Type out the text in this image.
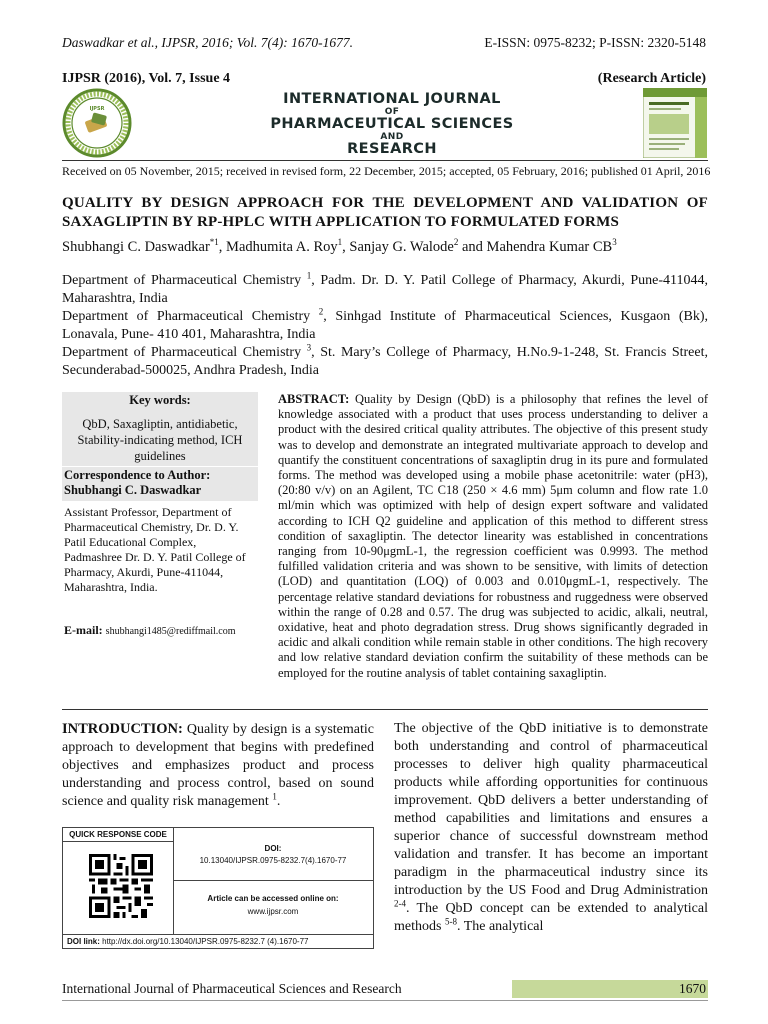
Daswadkar et al., IJPSR, 2016; Vol. 7(4): 1670-1677.	E-ISSN: 0975-8232; P-ISSN: 2320-5148
IJPSR (2016), Vol. 7, Issue 4	(Research Article)
IJPSR
INTERNATIONAL JOURNAL
OF
PHARMACEUTICAL SCIENCES
AND
RESEARCH
Received on 05 November, 2015; received in revised form, 22 December, 2015; accepted, 05 February, 2016; published 01 April, 2016
QUALITY BY DESIGN APPROACH FOR THE DEVELOPMENT AND VALIDATION OF SAXAGLIPTIN BY RP-HPLC WITH APPLICATION TO FORMULATED FORMS
Shubhangi C. Daswadkar$^{*1}$, Madhumita A. Roy$^1$, Sanjay G. Walode$^2$ and Mahendra Kumar $CB^3$
Department of Pharmaceutical Chemistry $^1$, Padm. Dr. D. Y. Patil College of Pharmacy, Akurdi, Pune-411044, Maharashtra, India
Department of Pharmaceutical Chemistry $^2$, Sinhgad Institute of Pharmaceutical Sciences, Kusgaon (Bk), Lonavala, Pune- 410 401, Maharashtra, India
Department of Pharmaceutical Chemistry $^3$, St. Mary’s College of Pharmacy, H.No.9-1-248, St. Francis Street, Secunderabad-500025, Andhra Pradesh, India
Key words:
QbD, Saxagliptin, antidiabetic, Stability-indicating method, ICH guidelines
Correspondence to Author:
Shubhangi C. Daswadkar
Assistant Professor, Department of Pharmaceutical Chemistry, Dr. D. Y. Patil Educational Complex, Padmashree Dr. D. Y. Patil College of Pharmacy, Akurdi, Pune-411044, Maharashtra, India.
E-mail: shubhangi1485@rediffmail.com
ABSTRACT: Quality by Design (QbD) is a philosophy that refines the level of knowledge associated with a product that uses process understanding to deliver a product with the desired critical quality attributes. The objective of this present study was to develop and demonstrate an integrated multivariate approach to develop and quantify the constituent concentrations of saxagliptin drug in its pure and formulated forms. The method was developed using a mobile phase acetonitrile: water (pH3), (20:80 v/v) on an Agilent, TC C18 (250 × 4.6 mm) 5μm column and flow rate 1.0 ml/min which was optimized with help of design expert software and validated according to ICH Q2 guideline and application of this method to different stress condition of saxagliptin. The detector linearity was established in concentrations ranging from 10-90μgmL-1, the regression coefficient was 0.9993. The method fulfilled validation criteria and was shown to be sensitive, with limits of detection (LOD) and quantitation (LOQ) of 0.003 and 0.010μgmL-1, respectively. The percentage relative standard deviations for robustness and ruggedness were observed within the range of 0.28 and 0.57. The drug was subjected to acidic, alkali, neutral, oxidative, heat and photo degradation stress. Drug shows significantly degraded in acidic and alkali condition while remain stable in other conditions. The high recovery and low relative standard deviation confirm the suitability of these methods can be employed for the routine analysis of tablet containing saxagliptin.
INTRODUCTION: Quality by design is a systematic approach to development that begins with predefined objectives and emphasizes product and process understanding and process control, based on sound science and quality risk management $^1$.
QUICK RESPONSE CODE
DOI:
10.13040/IJPSR.0975-8232.7(4).1670-77
Article can be accessed online on:
www.ijpsr.com
DOI link: http://dx.doi.org/10.13040/IJPSR.0975-8232.7 (4).1670-77
The objective of the QbD initiative is to demonstrate both understanding and control of pharmaceutical processes to deliver high quality pharmaceutical products while affording opportunities for continuous improvement. QbD delivers a better understanding of method capabilities and limitations and ensures a superior chance of successful downstream method validation and transfer. It has become an important paradigm in the pharmaceutical industry since its introduction by the US Food and Drug Administration $^{2-4}$. The QbD concept can be extended to analytical methods $^{5-8}$. The analytical
International Journal of Pharmaceutical Sciences and Research	1670
